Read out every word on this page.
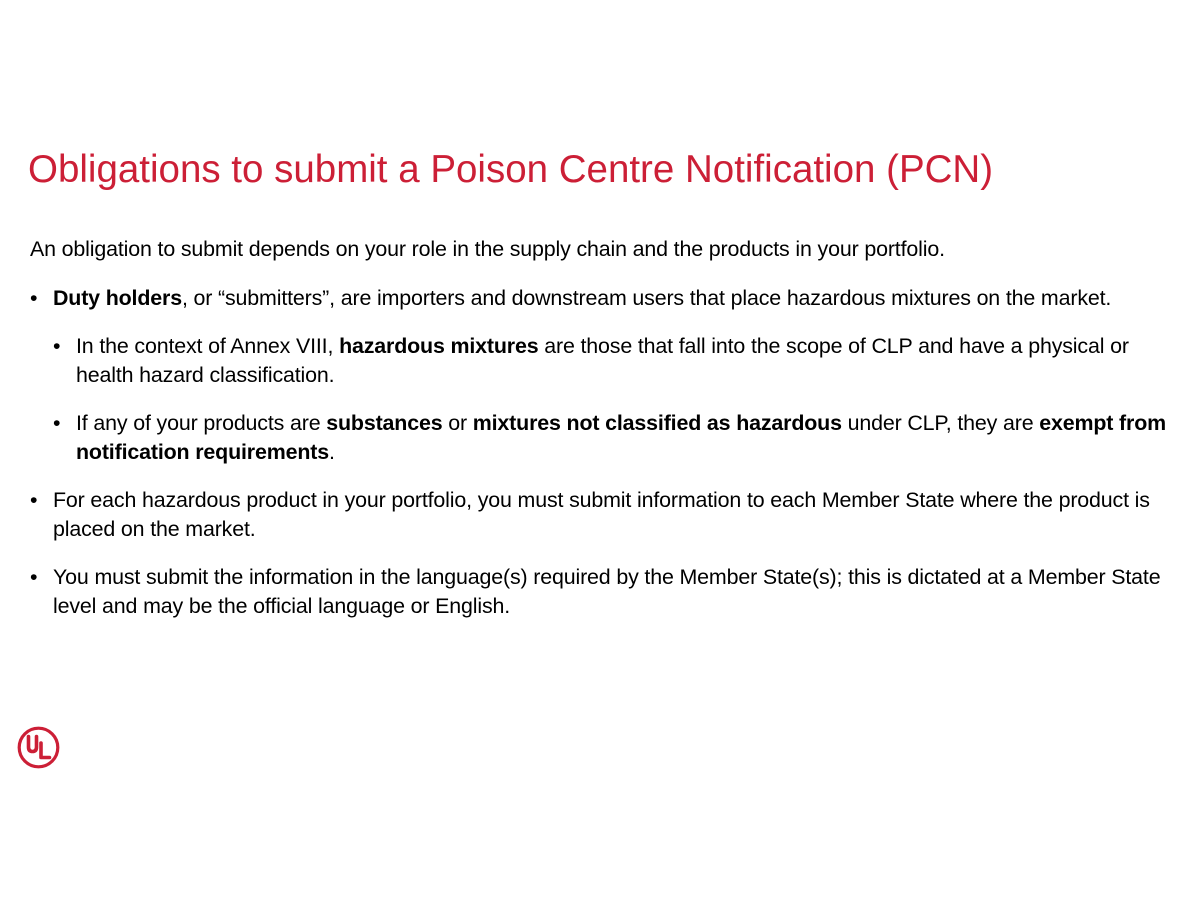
Obligations to submit a Poison Centre Notification (PCN)

An obligation to submit depends on your role in the supply chain and the products in your portfolio.

• Duty holders, or “submitters”, are importers and downstream users that place hazardous mixtures on the market.
• In the context of Annex VIII, hazardous mixtures are those that fall into the scope of CLP and have a physical or health hazard classification.
• If any of your products are substances or mixtures not classified as hazardous under CLP, they are exempt from notification requirements.
• For each hazardous product in your portfolio, you must submit information to each Member State where the product is placed on the market.
• You must submit the information in the language(s) required by the Member State(s); this is dictated at a Member State level and may be the official language or English.
